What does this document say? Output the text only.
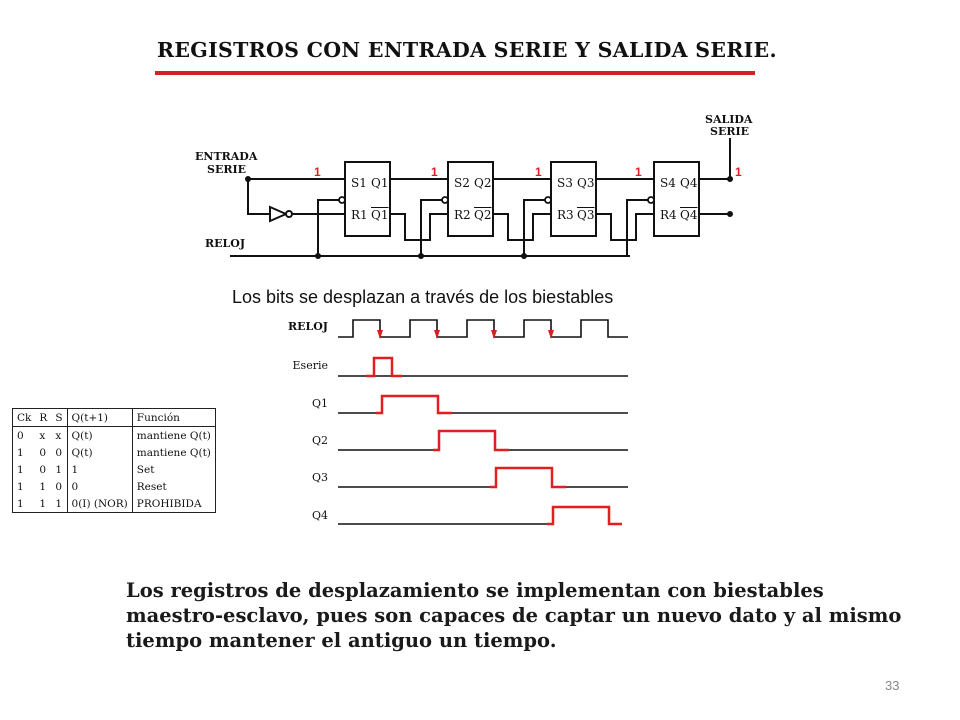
REGISTROS CON ENTRADA SERIE Y SALIDA SERIE.
ENTRADA
SERIE
SALIDA
SERIE
RELOJ
1	1	1	1	1
S1 Q1
R1 Q1
S2 Q2
R2 Q2
S3 Q3
R3 Q3
S4 Q4
R4 Q4
Los bits se desplazan a través de los biestables
RELOJ
Eserie
Q1
Q2
Q3
Q4
Ck	R	S	Q(t+1)	Función
0	x	x	Q(t)	mantiene Q(t)
1	0	0	Q(t)	mantiene Q(t)
1	0	1	1	Set
1	1	0	0	Reset
1	1	1	0(I) (NOR)	PROHIBIDA
Los registros de desplazamiento se implementan con biestables
maestro-esclavo, pues son capaces de captar un nuevo dato y al mismo
tiempo mantener el antiguo un tiempo.
33
